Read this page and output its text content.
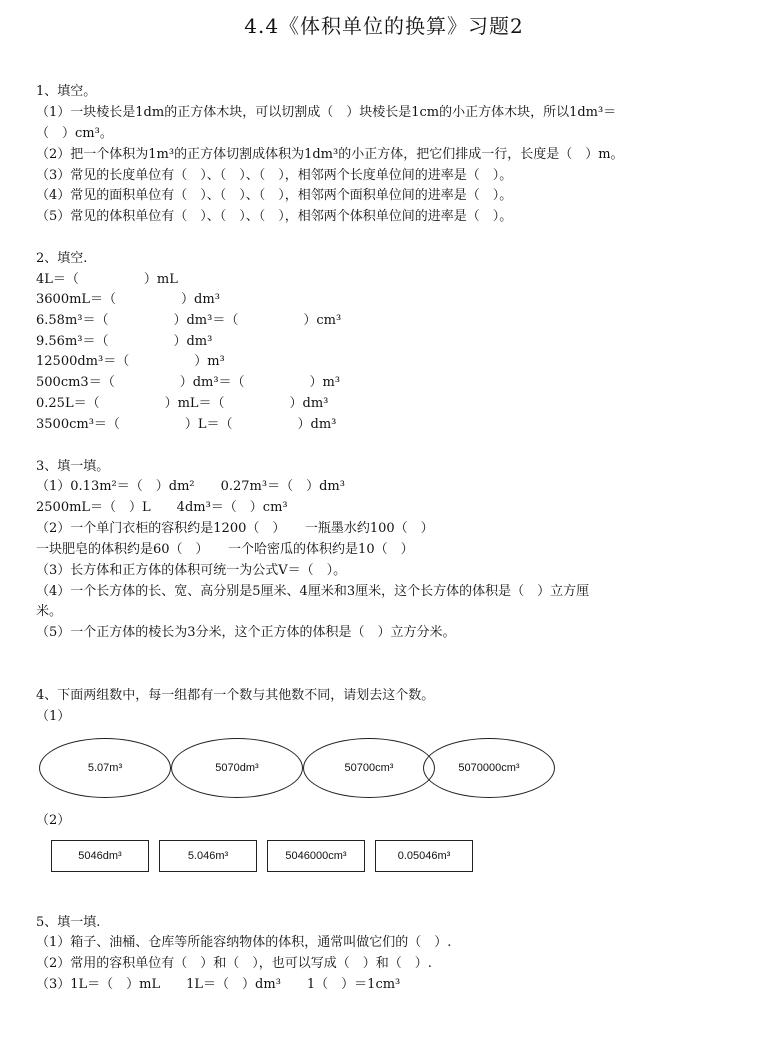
4.4《体积单位的换算》习题2
1、填空。
（1）一块棱长是1dm的正方体木块，可以切割成（　）块棱长是1cm的小正方体木块，所以1dm³＝
（　）cm³。
（2）把一个体积为1m³的正方体切割成体积为1dm³的小正方体，把它们排成一行，长度是（　）m。
（3）常见的长度单位有（　）、（　）、（　），相邻两个长度单位间的进率是（　）。
（4）常见的面积单位有（　）、（　）、（　），相邻两个面积单位间的进率是（　）。
（5）常见的体积单位有（　）、（　）、（　），相邻两个体积单位间的进率是（　）。
2、填空.
4L＝（　　　　　）mL
3600mL＝（　　　　　）dm³
6.58m³＝（　　　　　）dm³＝（　　　　　）cm³
9.56m³＝（　　　　　）dm³
12500dm³＝（　　　　　）m³
500cm3＝（　　　　　）dm³＝（　　　　　）m³
0.25L＝（　　　　　）mL＝（　　　　　）dm³
3500cm³＝（　　　　　）L＝（　　　　　）dm³
3、填一填。
（1）0.13m²＝（　）dm²　　0.27m³＝（　）dm³
2500mL＝（　）L　　4dm³＝（　）cm³
（2）一个单门衣柜的容积约是1200（　）　　一瓶墨水约100（　）
一块肥皂的体积约是60（　）　　一个哈密瓜的体积约是10（　）
（3）长方体和正方体的体积可统一为公式V＝（　）。
（4）一个长方体的长、宽、高分别是5厘米、4厘米和3厘米，这个长方体的体积是（　）立方厘
米。
（5）一个正方体的棱长为3分米，这个正方体的体积是（　）立方分米。
4、下面两组数中，每一组都有一个数与其他数不同，请划去这个数。
（1）
5.07m³	5070dm³	50700cm³	5070000cm³
（2）
5046dm³	5.046m³	5046000cm³	0.05046m³
5、填一填.
（1）箱子、油桶、仓库等所能容纳物体的体积，通常叫做它们的（　）.
（2）常用的容积单位有（　）和（　），也可以写成（　）和（　）.
（3）1L＝（　）mL　　1L＝（　）dm³　　1（　）＝1cm³
